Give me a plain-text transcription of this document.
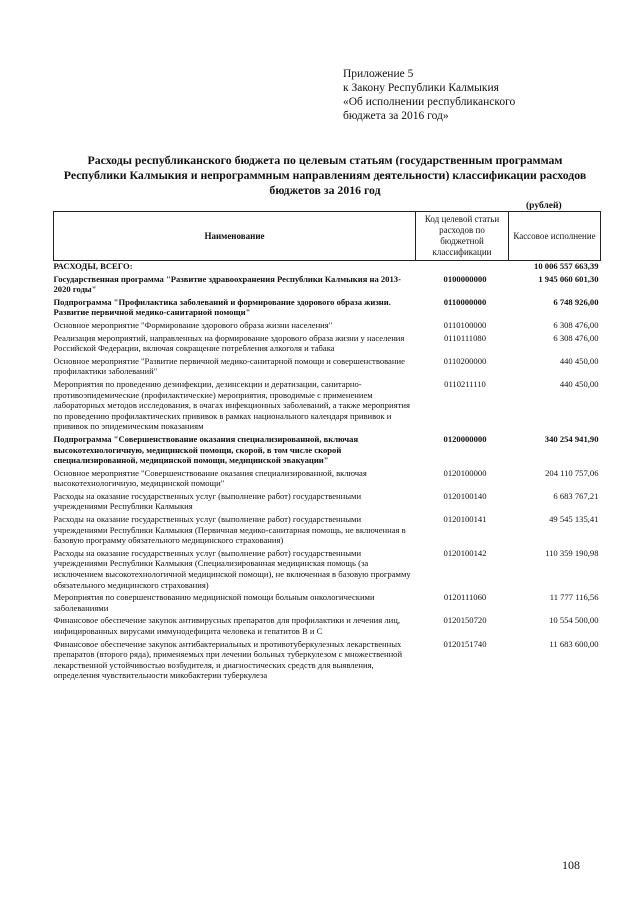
Приложение 5
к Закону Республики Калмыкия
«Об исполнении республиканского
бюджета за 2016 год»
Расходы республиканского бюджета по целевым статьям (государственным программам Республики Калмыкия и непрограммным направлениям деятельности) классификации расходов бюджетов за 2016 год
(рублей)
Наименование	Код целевой статьи расходов по бюджетной классификации	Кассовое исполнение
РАСХОДЫ, ВСЕГО:		10 006 557 663,39
Государственная программа "Развитие здравоохранения Республики Калмыкия на 2013-2020 годы"	0100000000	1 945 060 601,30
Подпрограмма "Профилактика заболеваний и формирование здорового образа жизни. Развитие первичной медико-санитарной помощи"	0110000000	6 748 926,00
Основное мероприятие "Формирование здорового образа жизни населения"	0110100000	6 308 476,00
Реализация мероприятий, направленных на формирование здорового образа жизни у населения Российской Федерации, включая сокращение потребления алкоголя и табака	0110111080	6 308 476,00
Основное мероприятие "Развитие первичной медико-санитарной помощи и совершенствование профилактики заболеваний"	0110200000	440 450,00
Мероприятия по проведению дезинфекции, дезинсекции и дератизации, санитарно-противоэпидемические (профилактические) мероприятия, проводимые с применением лабораторных методов исследования, в очагах инфекционных заболеваний, а также мероприятия по проведению профилактических прививок в рамках национального календаря прививок и прививок по эпидемическим показаниям	0110211110	440 450,00
Подпрограмма "Совершенствование оказания специализированной, включая высокотехнологичную, медицинской помощи, скорой, в том числе скорой специализированной, медицинской помощи, медицинской эвакуации"	0120000000	340 254 941,90
Основное мероприятие "Совершенствование оказания специализированной, включая высокотехнологичную, медицинской помощи"	0120100000	204 110 757,06
Расходы на оказание государственных услуг (выполнение работ) государственными учреждениями Республики Калмыкия	0120100140	6 683 767,21
Расходы на оказание государственных услуг (выполнение работ) государственными учреждениями Республики Калмыкия (Первичная медико-санитарная помощь, не включенная в базовую программу обязательного медицинского страхования)	0120100141	49 545 135,41
Расходы на оказание государственных услуг (выполнение работ) государственными учреждениями Республики Калмыкия (Специализированная медицинская помощь (за исключением высокотехнологичной медицинской помощи), не включенная в базовую программу обязательного медицинского страхования)	0120100142	110 359 190,98
Мероприятия по совершенствованию медицинской помощи больным онкологическими заболеваниями	0120111060	11 777 116,56
Финансовое обеспечение закупок антивирусных препаратов для профилактики и лечения лиц, инфицированных вирусами иммунодефицита человека и гепатитов В и С	0120150720	10 554 500,00
Финансовое обеспечение закупок антибактериальных и противотуберкулезных лекарственных препаратов (второго ряда), применяемых при лечении больных туберкулезом с множественной лекарственной устойчивостью возбудителя, и диагностических средств для выявления, определения чувствительности микобактерии туберкулеза	0120151740	11 683 600,00
108
